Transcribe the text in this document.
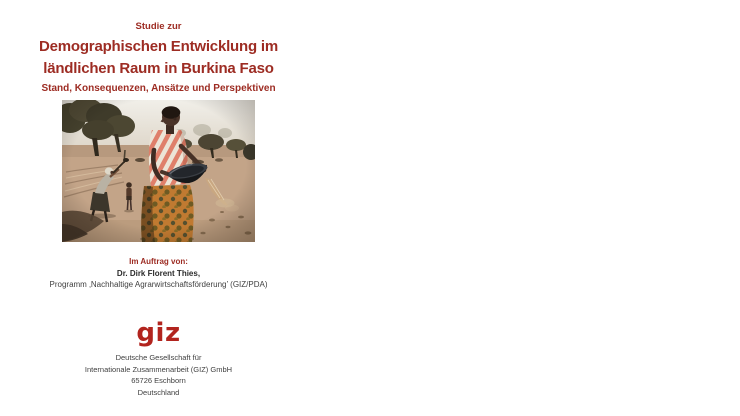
Studie zur
Demographischen Entwicklung im
ländlichen Raum in Burkina Faso
Stand, Konsequenzen, Ansätze und Perspektiven
Im Auftrag von:
Dr. Dirk Florent Thies,
Programm ‚Nachhaltige Agrarwirtschaftsförderung’ (GIZ/PDA)
giz
Deutsche Gesellschaft für
Internationale Zusammenarbeit (GIZ) GmbH
65726 Eschborn
Deutschland
